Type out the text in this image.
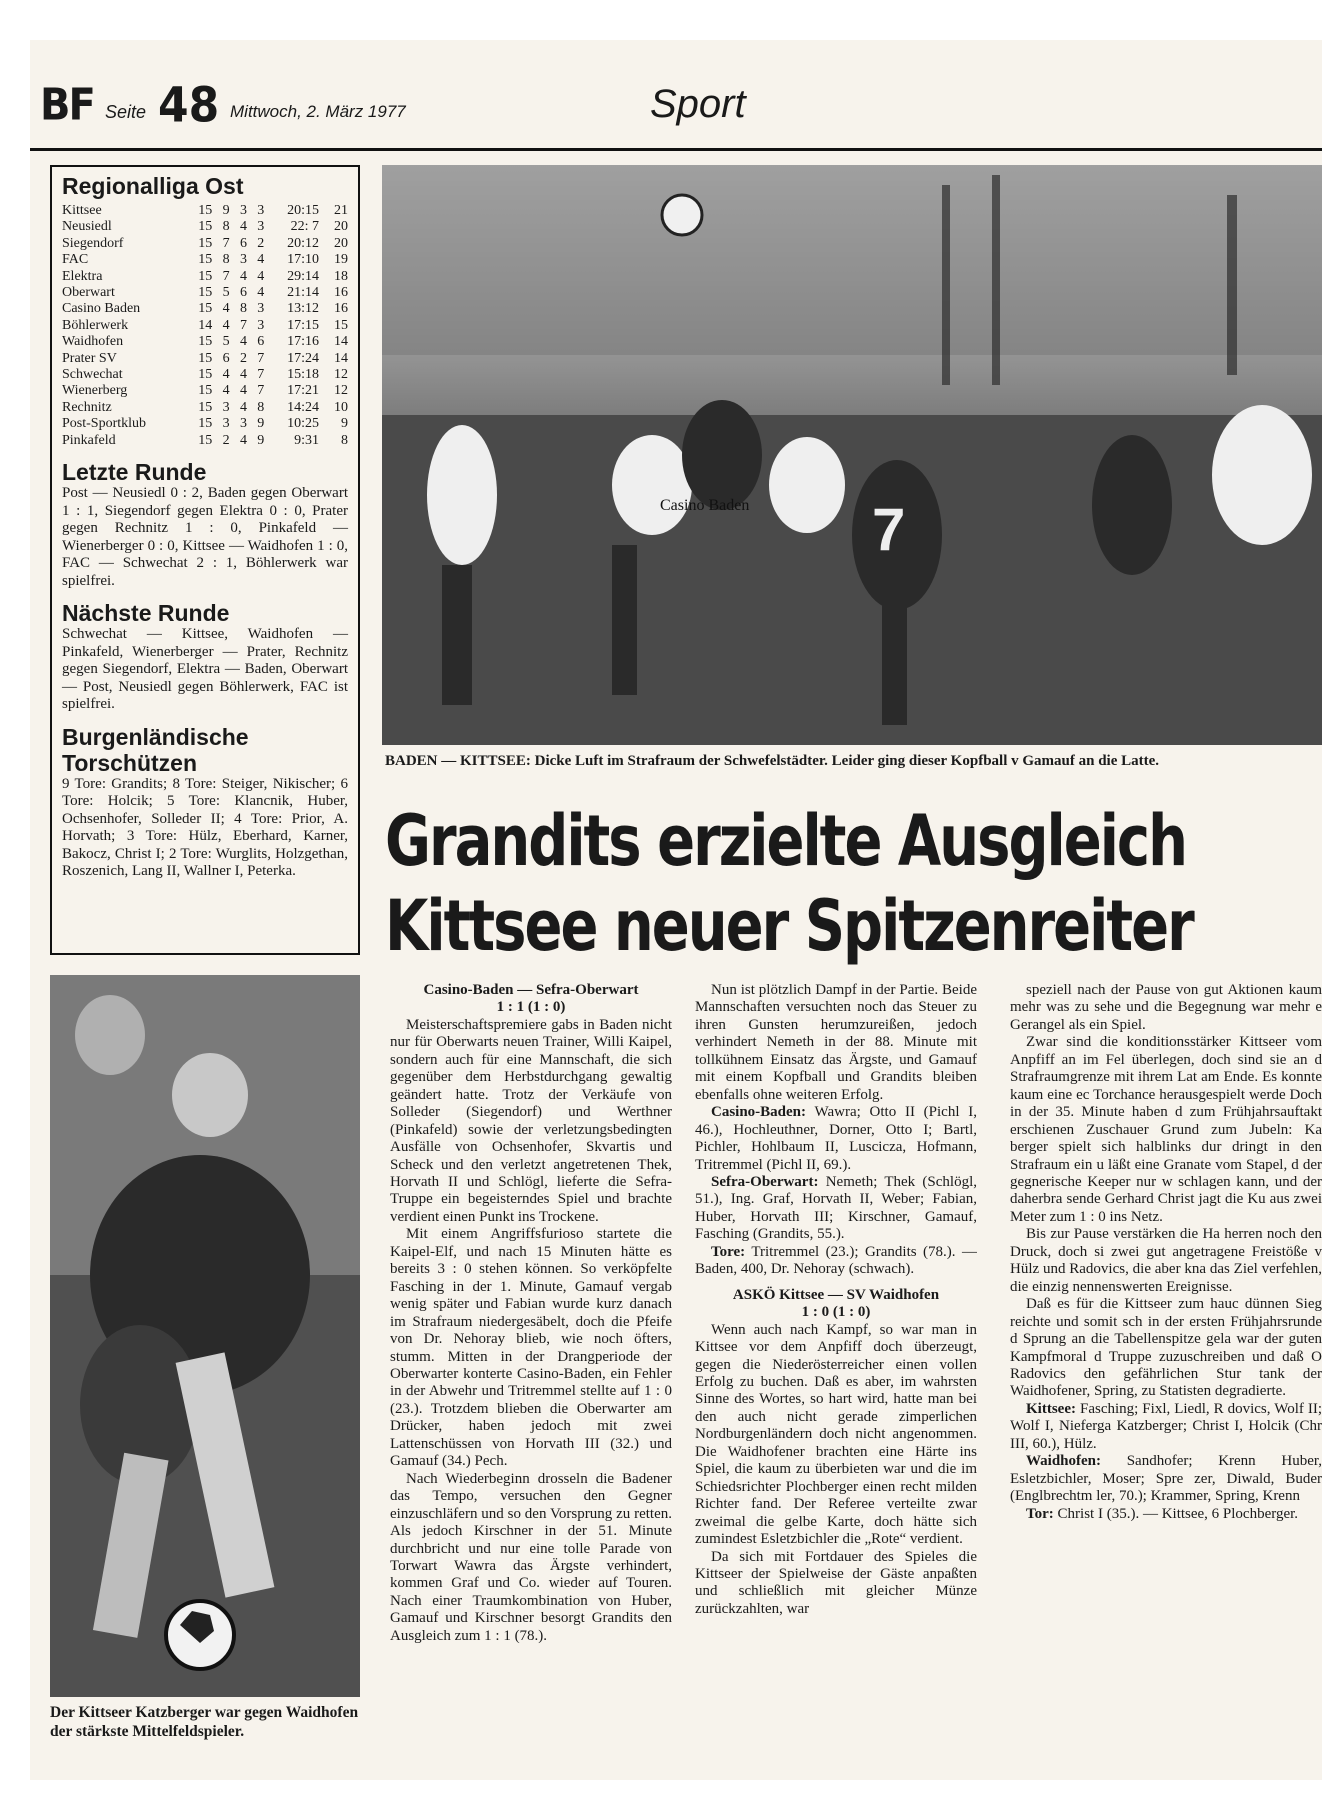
BF Seite 48 Mittwoch, 2. März 1977	Sport
Regionalliga Ost
Kittsee	15	9	3	3	20:15	21
Neusiedl	15	8	4	3	22: 7	20
Siegendorf	15	7	6	2	20:12	20
FAC	15	8	3	4	17:10	19
Elektra	15	7	4	4	29:14	18
Oberwart	15	5	6	4	21:14	16
Casino Baden	15	4	8	3	13:12	16
Böhlerwerk	14	4	7	3	17:15	15
Waidhofen	15	5	4	6	17:16	14
Prater SV	15	6	2	7	17:24	14
Schwechat	15	4	4	7	15:18	12
Wienerberg	15	4	4	7	17:21	12
Rechnitz	15	3	4	8	14:24	10
Post-Sportklub	15	3	3	9	10:25	9
Pinkafeld	15	2	4	9	9:31	8
Letzte Runde

Post — Neusiedl 0 : 2, Baden gegen Oberwart 1 : 1, Siegendorf gegen Elektra 0 : 0, Prater gegen Rechnitz 1 : 0, Pinkafeld — Wienerberger 0 : 0, Kittsee — Waidhofen 1 : 0, FAC — Schwechat 2 : 1, Böhlerwerk war spielfrei.

Nächste Runde

Schwechat — Kittsee, Waidhofen — Pinkafeld, Wienerberger — Prater, Rechnitz gegen Siegendorf, Elektra — Baden, Oberwart — Post, Neusiedl gegen Böhlerwerk, FAC ist spielfrei.

Burgenländische Torschützen

9 Tore: Grandits; 8 Tore: Steiger, Nikischer; 6 Tore: Holcik; 5 Tore: Klancnik, Huber, Ochsenhofer, Solleder II; 4 Tore: Prior, A. Horvath; 3 Tore: Hülz, Eberhard, Karner, Bakocz, Christ I; 2 Tore: Wurglits, Holzgethan, Roszenich, Lang II, Wallner I, Peterka.

Casino Baden 7
BADEN — KITTSEE: Dicke Luft im Strafraum der Schwefelstädter. Leider ging dieser Kopfball v Gamauf an die Latte.
Grandits erzielte Ausgleich
Kittsee neuer Spitzenreiter
Der Kittseer Katzberger war gegen Waidhofen der stärkste Mittelfeldspieler.

Casino-Baden — Sefra-Oberwart

1 : 1 (1 : 0)

Meisterschaftspremiere gabs in Baden nicht nur für Oberwarts neuen Trainer, Willi Kaipel, sondern auch für eine Mannschaft, die sich gegenüber dem Herbstdurchgang gewaltig geändert hatte. Trotz der Verkäufe von Solleder (Siegendorf) und Werthner (Pinkafeld) sowie der verletzungsbedingten Ausfälle von Ochsenhofer, Skvartis und Scheck und den verletzt angetretenen Thek, Horvath II und Schlögl, lieferte die Sefra-Truppe ein begeisterndes Spiel und brachte verdient einen Punkt ins Trockene.

Mit einem Angriffsfuriosо startete die Kaipel-Elf, und nach 15 Minuten hätte es bereits 3 : 0 stehen können. So verköpfelte Fasching in der 1. Minute, Gamauf vergab wenig später und Fabian wurde kurz danach im Strafraum niedergesäbelt, doch die Pfeife von Dr. Nehoray blieb, wie noch öfters, stumm. Mitten in der Drangperiode der Oberwarter konterte Casino-Baden, ein Fehler in der Abwehr und Tritremmel stellte auf 1 : 0 (23.). Trotzdem blieben die Oberwarter am Drücker, haben jedoch mit zwei Lattenschüssen von Horvath III (32.) und Gamauf (34.) Pech.

Nach Wiederbeginn drosseln die Badener das Tempo, versuchen den Gegner einzuschläfern und so den Vorsprung zu retten. Als jedoch Kirschner in der 51. Minute durchbricht und nur eine tolle Parade von Torwart Wawra das Ärgste verhindert, kommen Graf und Co. wieder auf Touren. Nach einer Traumkombination von Huber, Gamauf und Kirschner besorgt Grandits den Ausgleich zum 1 : 1 (78.).

Nun ist plötzlich Dampf in der Partie. Beide Mannschaften versuchten noch das Steuer zu ihren Gunsten herumzureißen, jedoch verhindert Nemeth in der 88. Minute mit tollkühnem Einsatz das Ärgste, und Gamauf mit einem Kopfball und Grandits bleiben ebenfalls ohne weiteren Erfolg.

Casino-Baden: Wawra; Otto II (Pichl I, 46.), Hochleuthner, Dorner, Otto I; Bartl, Pichler, Hohlbaum II, Luscicza, Hofmann, Tritremmel (Pichl II, 69.).

Sefra-Oberwart: Nemeth; Thek (Schlögl, 51.), Ing. Graf, Horvath II, Weber; Fabian, Huber, Horvath III; Kirschner, Gamauf, Fasching (Grandits, 55.).

Tore: Tritremmel (23.); Grandits (78.). — Baden, 400, Dr. Nehoray (schwach).

ASKÖ Kittsee — SV Waidhofen

1 : 0 (1 : 0)

Wenn auch nach Kampf, so war man in Kittsee vor dem Anpfiff doch überzeugt, gegen die Niederösterreicher einen vollen Erfolg zu buchen. Daß es aber, im wahrsten Sinne des Wortes, so hart wird, hatte man bei den auch nicht gerade zimperlichen Nordburgenländern doch nicht angenommen. Die Waidhofener brachten eine Härte ins Spiel, die kaum zu überbieten war und die im Schiedsrichter Plochberger einen recht milden Richter fand. Der Referee verteilte zwar zweimal die gelbe Karte, doch hätte sich zumindest Esletzbichler die „Rote“ verdient.

Da sich mit Fortdauer des Spieles die Kittseer der Spielweise der Gäste anpaßten und schließlich mit gleicher Münze zurückzahlten, war

speziell nach der Pause von gut Aktionen kaum mehr was zu sehe und die Begegnung war mehr e Gerangel als ein Spiel.

Zwar sind die konditionsstärker Kittseer vom Anpfiff an im Fel überlegen, doch sind sie an d Strafraumgrenze mit ihrem Lat am Ende. Es konnte kaum eine ec Torchance herausgespielt werde Doch in der 35. Minute haben d zum Frühjahrsauftakt erschienen Zuschauer Grund zum Jubeln: Ka berger spielt sich halblinks dur dringt in den Strafraum ein u läßt eine Granate vom Stapel, d der gegnerische Keeper nur w schlagen kann, und der daherbra sende Gerhard Christ jagt die Ku aus zwei Meter zum 1 : 0 ins Netz.

Bis zur Pause verstärken die Ha herren noch den Druck, doch si zwei gut angetragene Freistöße v Hülz und Radovics, die aber kna das Ziel verfehlen, die einzig nennenswerten Ereignisse.

Daß es für die Kittseer zum hauc dünnen Sieg reichte und somit sch in der ersten Frühjahrsrunde d Sprung an die Tabellenspitze gela war der guten Kampfmoral d Truppe zuzuschreiben und daß O Radovics den gefährlichen Stur tank der Waidhofener, Spring, zu Statisten degradierte.

Kittsee: Fasching; Fixl, Liedl, R dovics, Wolf II; Wolf I, Nieferga Katzberger; Christ I, Holcik (Chr III, 60.), Hülz.

Waidhofen: Sandhofer; Krenn Huber, Esletzbichler, Moser; Spre zer, Diwald, Buder (Englbrechtm ler, 70.); Krammer, Spring, Krenn

Tor: Christ I (35.). — Kittsee, 6 Plochberger.
